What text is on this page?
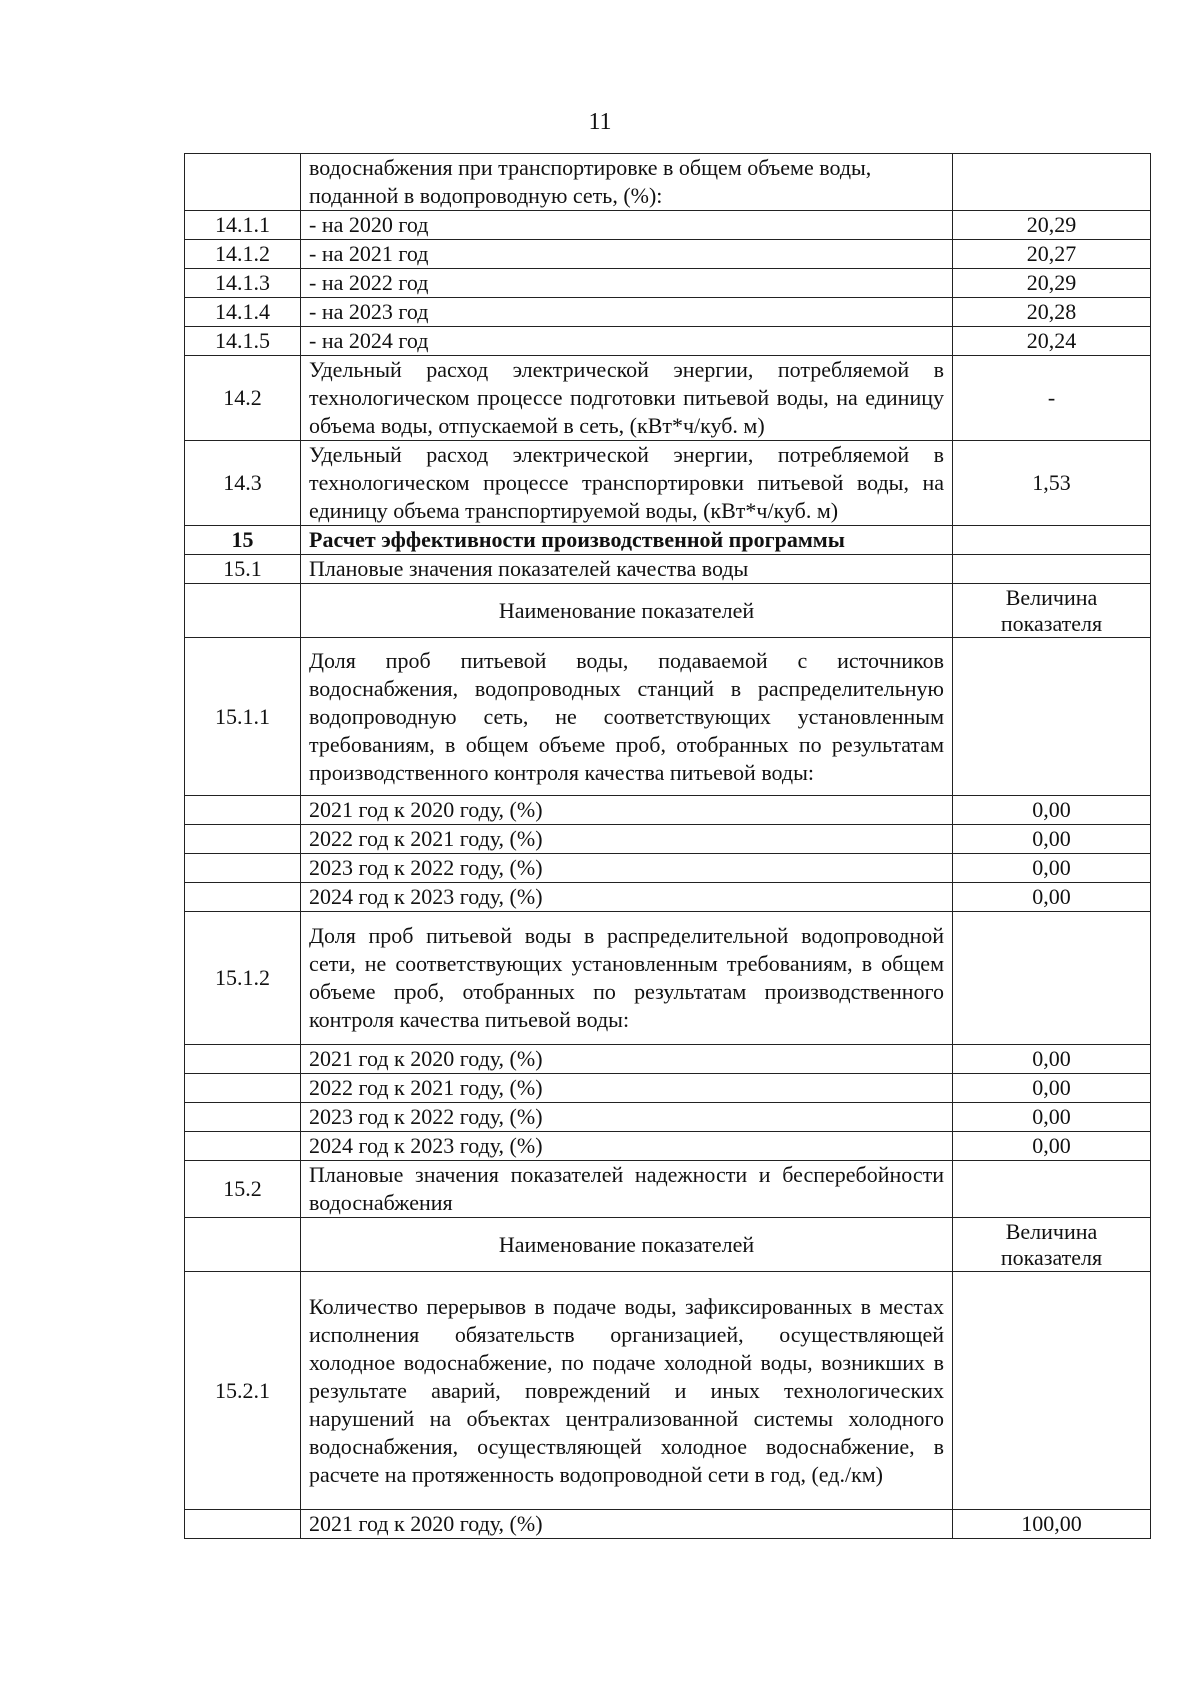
11
	водоснабжения при транспортировке в общем объеме воды, поданной в водопроводную сеть, (%):	
14.1.1	- на 2020 год	20,29
14.1.2	- на 2021 год	20,27
14.1.3	- на 2022 год	20,29
14.1.4	- на 2023 год	20,28
14.1.5	- на 2024 год	20,24
14.2	Удельный расход электрической энергии, потребляемой в технологическом процессе подготовки питьевой воды, на единицу объема воды, отпускаемой в сеть, (кВт*ч/куб. м)	-
14.3	Удельный расход электрической энергии, потребляемой в технологическом процессе транспортировки питьевой воды, на единицу объема транспортируемой воды, (кВт*ч/куб. м)	1,53
15	Расчет эффективности производственной программы	
15.1	Плановые значения показателей качества воды	
	Наименование показателей	Величина показателя
15.1.1	Доля проб питьевой воды, подаваемой с источников водоснабжения, водопроводных станций в распределительную водопроводную сеть, не соответствующих установленным требованиям, в общем объеме проб, отобранных по результатам производственного контроля качества питьевой воды:	
	2021 год к 2020 году, (%)	0,00
	2022 год к 2021 году, (%)	0,00
	2023 год к 2022 году, (%)	0,00
	2024 год к 2023 году, (%)	0,00
15.1.2	Доля проб питьевой воды в распределительной водопроводной сети, не соответствующих установленным требованиям, в общем объеме проб, отобранных по результатам производственного контроля качества питьевой воды:	
	2021 год к 2020 году, (%)	0,00
	2022 год к 2021 году, (%)	0,00
	2023 год к 2022 году, (%)	0,00
	2024 год к 2023 году, (%)	0,00
15.2	Плановые значения показателей надежности и бесперебойности водоснабжения	
	Наименование показателей	Величина показателя
15.2.1	Количество перерывов в подаче воды, зафиксированных в местах исполнения обязательств организацией, осуществляющей холодное водоснабжение, по подаче холодной воды, возникших в результате аварий, повреждений и иных технологических нарушений на объектах централизованной системы холодного водоснабжения, осуществляющей холодное водоснабжение, в расчете на протяженность водопроводной сети в год, (ед./км)	
	2021 год к 2020 году, (%)	100,00
